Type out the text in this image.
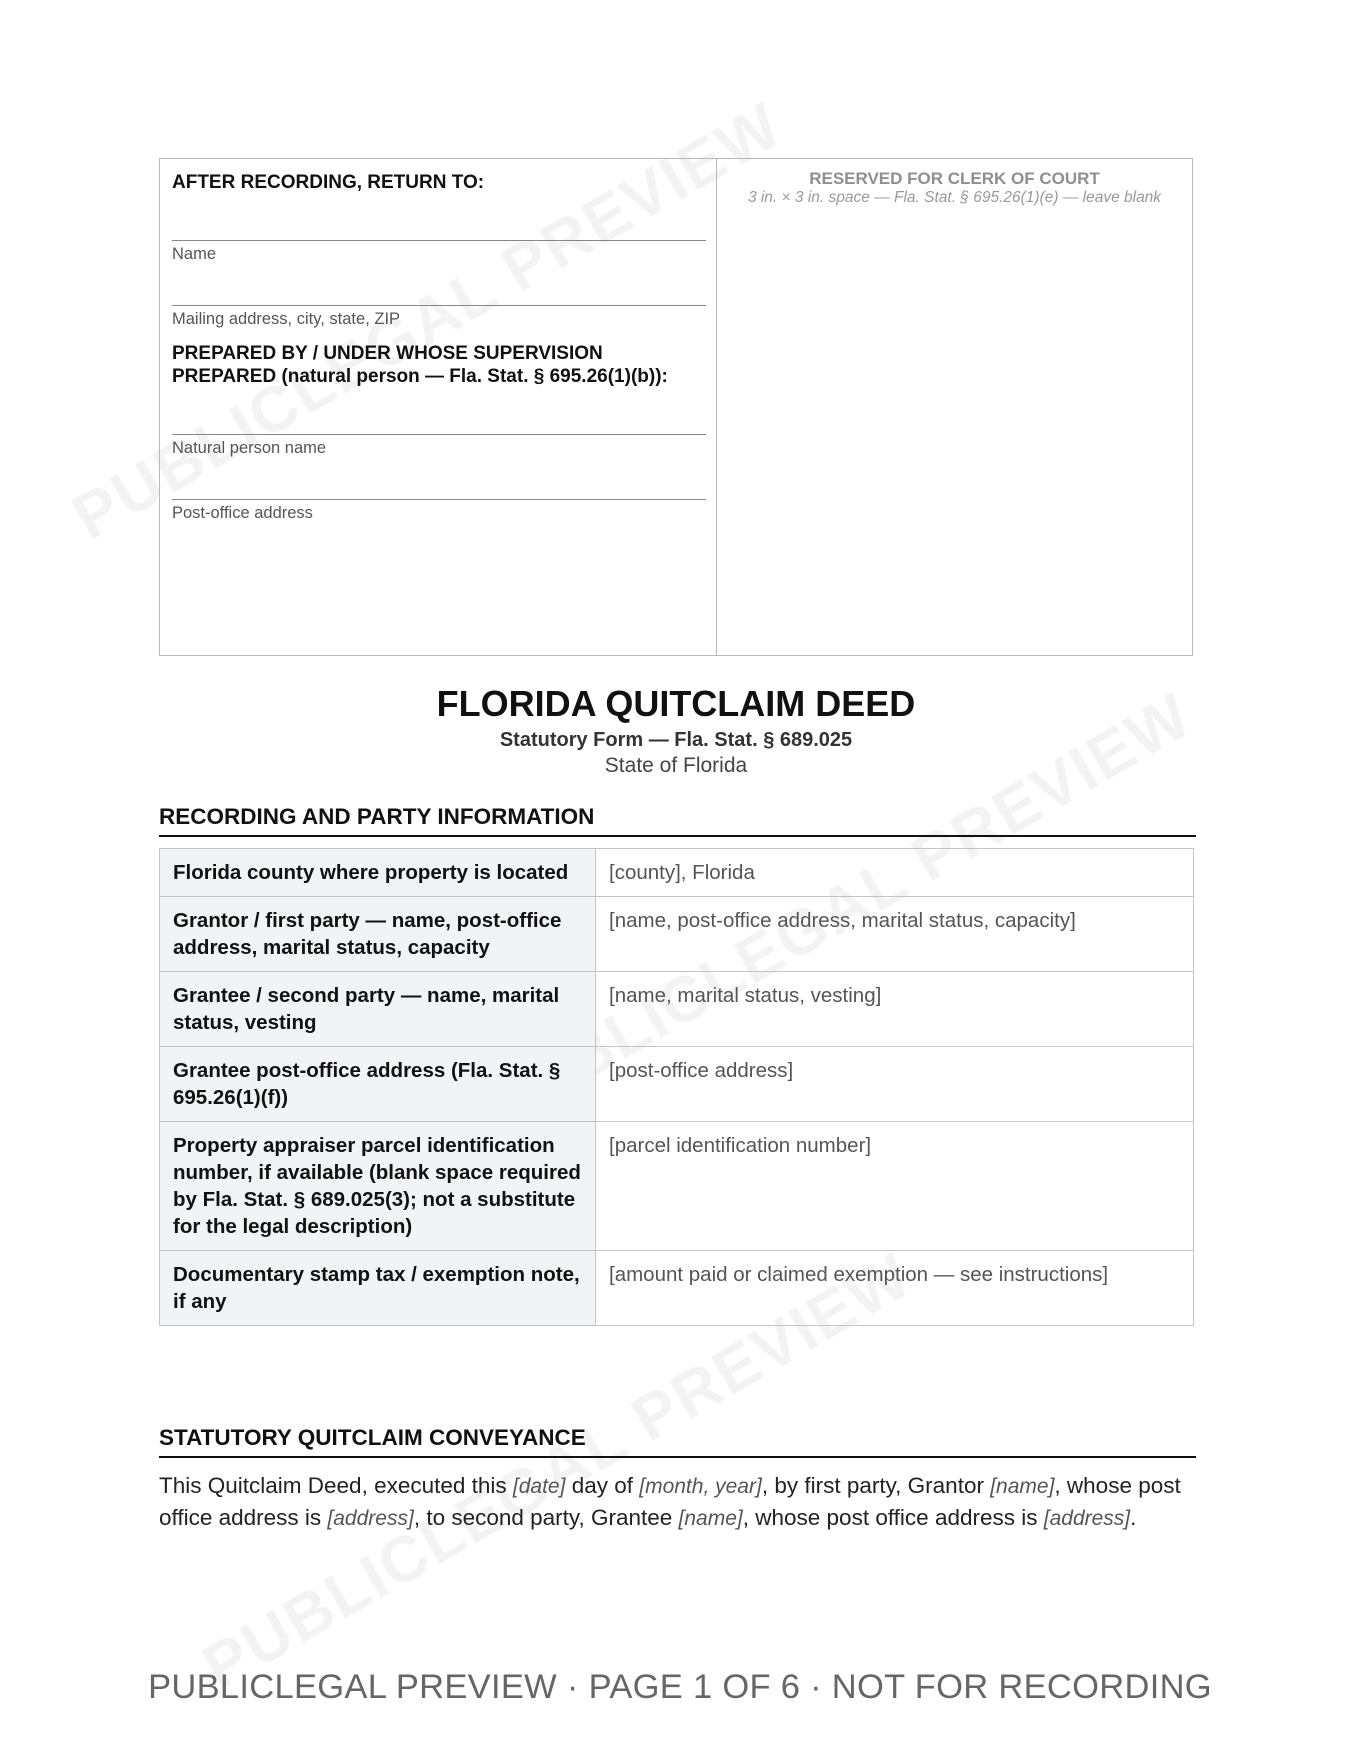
AFTER RECORDING, RETURN TO:
Name
Mailing address, city, state, ZIP
PREPARED BY / UNDER WHOSE SUPERVISION PREPARED (natural person — Fla. Stat. § 695.26(1)(b)):
Natural person name
Post-office address
RESERVED FOR CLERK OF COURT
3 in. × 3 in. space — Fla. Stat. § 695.26(1)(e) — leave blank
FLORIDA QUITCLAIM DEED
Statutory Form — Fla. Stat. § 689.025
State of Florida
RECORDING AND PARTY INFORMATION
Florida county where property is located	[county], Florida
Grantor / first party — name, post-office address, marital status, capacity	[name, post-office address, marital status, capacity]
Grantee / second party — name, marital status, vesting	[name, marital status, vesting]
Grantee post-office address (Fla. Stat. § 695.26(1)(f))	[post-office address]
Property appraiser parcel identification number, if available (blank space required by Fla. Stat. § 689.025(3); not a substitute for the legal description)	[parcel identification number]
Documentary stamp tax / exemption note, if any	[amount paid or claimed exemption — see instructions]
STATUTORY QUITCLAIM CONVEYANCE
This Quitclaim Deed, executed this [date] day of [month, year], by first party, Grantor [name], whose post office address is [address], to second party, Grantee [name], whose post office address is [address].
PUBLICLEGAL PREVIEW · PAGE 1 OF 6 · NOT FOR RECORDING
